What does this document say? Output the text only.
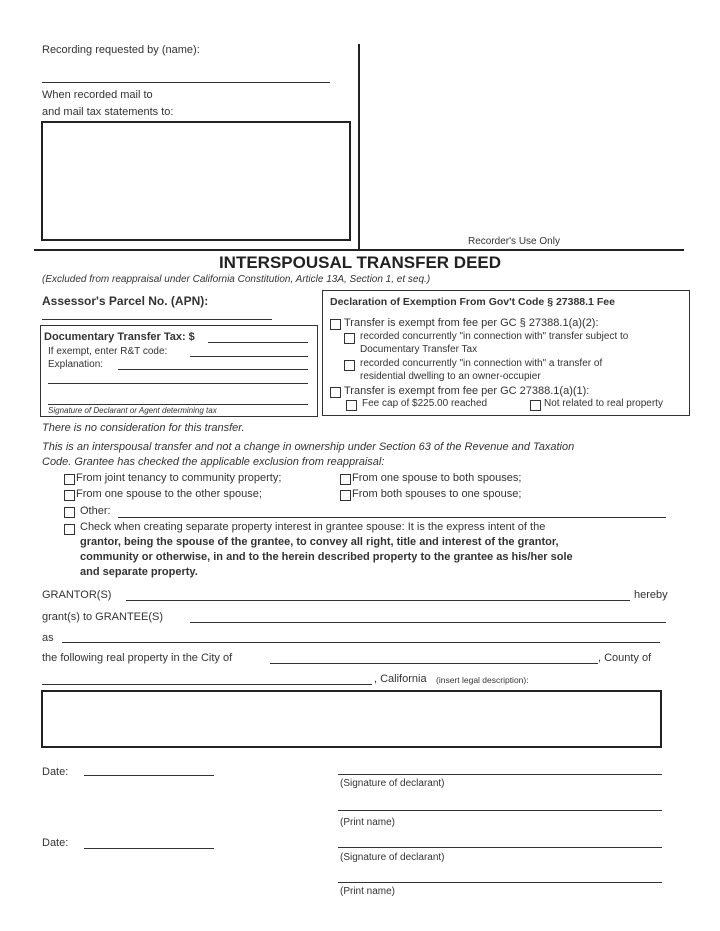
Recording requested by (name):
When recorded mail to
and mail tax statements to:
Recorder's Use Only
INTERSPOUSAL TRANSFER DEED
(Excluded from reappraisal under California Constitution, Article 13A, Section 1, et seq.)
Assessor's Parcel No. (APN):
Documentary Transfer Tax: $
If exempt, enter R&T code:
Explanation:
Signature of Declarant or Agent determining tax
Declaration of Exemption From Gov't Code § 27388.1 Fee
Transfer is exempt from fee per GC § 27388.1(a)(2):
recorded concurrently "in connection with" transfer subject to
Documentary Transfer Tax
recorded concurrently "in connection with" a transfer of
residential dwelling to an owner-occupier
Transfer is exempt from fee per GC 27388.1(a)(1):
Fee cap of $225.00 reached	Not related to real property
There is no consideration for this transfer.
This is an interspousal transfer and not a change in ownership under Section 63 of the Revenue and Taxation
Code. Grantee has checked the applicable exclusion from reappraisal:
From joint tenancy to community property;	From one spouse to both spouses;
From one spouse to the other spouse;	From both spouses to one spouse;
Other:
Check when creating separate property interest in grantee spouse: It is the express intent of the
grantor, being the spouse of the grantee, to convey all right, title and interest of the grantor,
community or otherwise, in and to the herein described property to the grantee as his/her sole
and separate property.
GRANTOR(S)	hereby
grant(s) to GRANTEE(S)
as
the following real property in the City of	, County of
, California (insert legal description):
Date:
(Signature of declarant)
(Print name)
Date:
(Signature of declarant)
(Print name)
